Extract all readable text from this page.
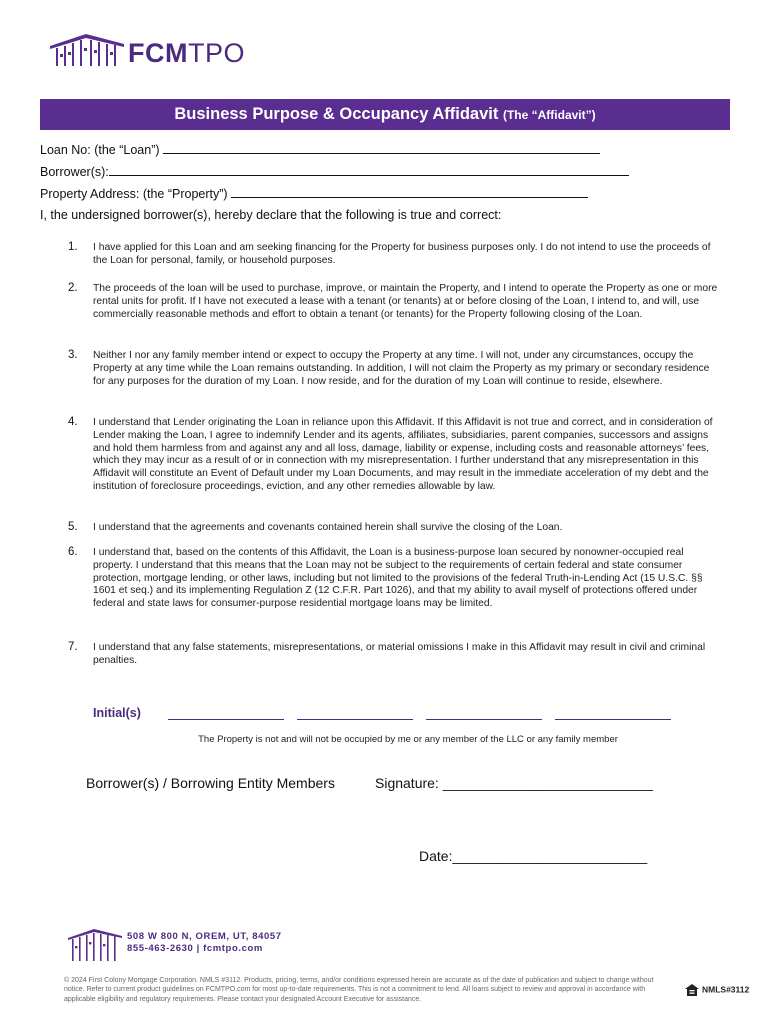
FCMTPO
Business Purpose & Occupancy Affidavit (The “Affidavit”)
Loan No: (the “Loan”)
Borrower(s):
Property Address: (the “Property”)
I, the undersigned borrower(s), hereby declare that the following is true and correct:
1. I have applied for this Loan and am seeking financing for the Property for business purposes only. I do not intend to use the proceeds of the Loan for personal, family, or household purposes.
2. The proceeds of the loan will be used to purchase, improve, or maintain the Property, and I intend to operate the Property as one or more rental units for profit. If I have not executed a lease with a tenant (or tenants) at or before closing of the Loan, I intend to, and will, use commercially reasonable methods and effort to obtain a tenant (or tenants) for the Property following closing of the Loan.
3. Neither I nor any family member intend or expect to occupy the Property at any time. I will not, under any circumstances, occupy the Property at any time while the Loan remains outstanding. In addition, I will not claim the Property as my primary or secondary residence for any purposes for the duration of my Loan. I now reside, and for the duration of my Loan will continue to reside, elsewhere.
4. I understand that Lender originating the Loan in reliance upon this Affidavit. If this Affidavit is not true and correct, and in consideration of Lender making the Loan, I agree to indemnify Lender and its agents, affiliates, subsidiaries, parent companies, successors and assigns and hold them harmless from and against any and all loss, damage, liability or expense, including costs and reasonable attorneys’ fees, which they may incur as a result of or in connection with my misrepresentation. I further understand that any misrepresentation in this Affidavit will constitute an Event of Default under my Loan Documents, and may result in the immediate acceleration of my debt and the institution of foreclosure proceedings, eviction, and any other remedies allowable by law.
5. I understand that the agreements and covenants contained herein shall survive the closing of the Loan.
6. I understand that, based on the contents of this Affidavit, the Loan is a business-purpose loan secured by nonowner-occupied real property. I understand that this means that the Loan may not be subject to the requirements of certain federal and state consumer protection, mortgage lending, or other laws, including but not limited to the provisions of the federal Truth-in-Lending Act (15 U.S.C. §§ 1601 et seq.) and its implementing Regulation Z (12 C.F.R. Part 1026), and that my ability to avail myself of protections offered under federal and state laws for consumer-purpose residential mortgage loans may be limited.
7. I understand that any false statements, misrepresentations, or material omissions I make in this Affidavit may result in civil and criminal penalties.
Initial(s)
The Property is not and will not be occupied by me or any member of the LLC or any family member
Borrower(s) / Borrowing Entity Members	Signature: ___________________________
Date:_________________________
508 W 800 N, OREM, UT, 84057
855-463-2630 | fcmtpo.com
© 2024 First Colony Mortgage Corporation. NMLS #3112. Products, pricing, terms, and/or conditions expressed herein are accurate as of the date of publication and subject to change without notice. Refer to current product guidelines on FCMTPO.com for most up-to-date requirements. This is not a commitment to lend. All loans subject to review and approval in accordance with applicable eligibility and regulatory requirements. Please contact your designated Account Executive for assistance.
NMLS#3112
